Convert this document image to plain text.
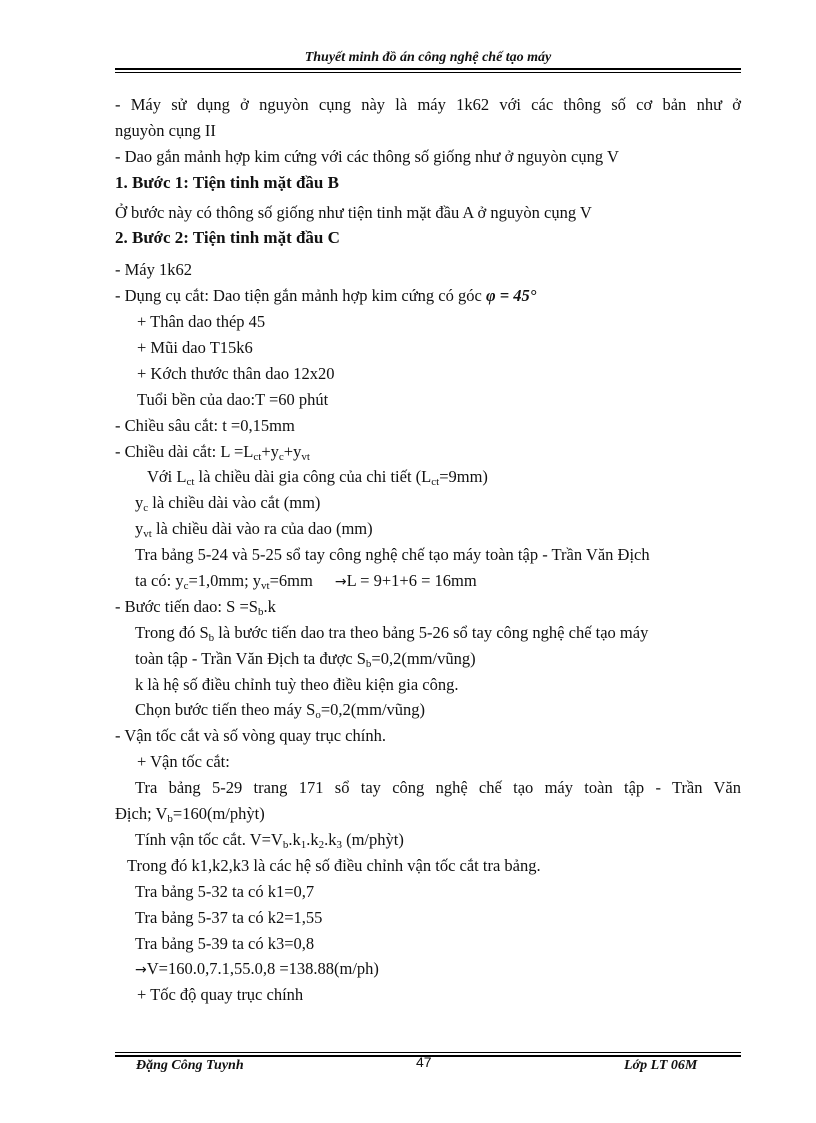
Thuyết minh đồ án công nghệ chế tạo máy
- Máy sử dụng ở nguyòn cụng này là máy 1k62 với các thông số cơ bản như ở
nguyòn cụng II
- Dao gắn mảnh hợp kim cứng với các thông số giống như ở nguyòn cụng V
1. Bước 1: Tiện tinh mặt đầu B
Ở bước này có thông số giống như tiện tinh mặt đầu A ở nguyòn cụng V
2. Bước 2: Tiện tinh mặt đầu C
- Máy 1k62
- Dụng cụ cắt: Dao tiện gắn mảnh hợp kim cứng có góc φ = 45°
+ Thân dao thép 45
+ Mũi dao T15k6
+ Kớch thước thân dao 12x20
Tuổi bền của dao:T =60 phút
- Chiều sâu cắt: t =0,15mm
- Chiều dài cắt: $L =L_{ct}+y_c+y_{vt}$
Với $L_{ct}$ là chiều dài gia công của chi tiết $(L_{ct}=9mm)$
$y_c$ là chiều dài vào cắt (mm)
$y_{vt}$ là chiều dài vào ra của dao (mm)
Tra bảng 5-24 và 5-25 sổ tay công nghệ chế tạo máy toàn tập - Trần Văn Địch
ta có: $y_c=1,0mm$; $y_{vt}=6mm \to L = 9+1+6 = 16mm$
- Bước tiến dao: $S =S_b.k$
Trong đó $S_b$ là bước tiến dao tra theo bảng 5-26 sổ tay công nghệ chế tạo máy
toàn tập - Trần Văn Địch ta được $S_b=0,2(mm/vũng)$
k là hệ số điều chỉnh tuỳ theo điều kiện gia công.
Chọn bước tiến theo máy $S_o=0,2(mm/vũng)$
- Vận tốc cắt và số vòng quay trục chính.
+ Vận tốc cắt:
Tra bảng 5-29 trang 171 sổ tay công nghệ chế tạo máy toàn tập - Trần Văn
Địch; $V_b=160(m/phỳt)$
Tính vận tốc cắt. $V=V_b.k_1.k_2.k_3$ (m/phỳt)
Trong đó k1,k2,k3 là các hệ số điều chỉnh vận tốc cắt tra bảng.
Tra bảng 5-32 ta có k1=0,7
Tra bảng 5-37 ta có k2=1,55
Tra bảng 5-39 ta có k3=0,8
→V=160.0,7.1,55.0,8 =138.88(m/ph)
+ Tốc độ quay trục chính
Đặng Công Tuynh	47	Lớp LT 06M
